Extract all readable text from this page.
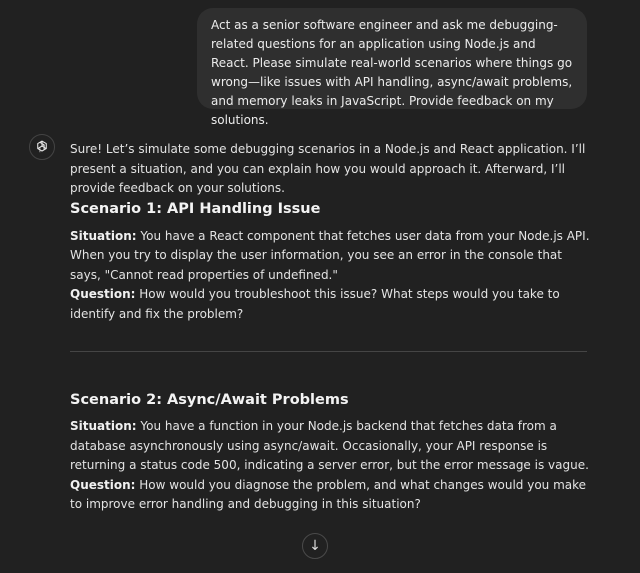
Act as a senior software engineer and ask me debugging-related questions for an application using Node.js and React. Please simulate real-world scenarios where things go wrong—like issues with API handling, async/await problems, and memory leaks in JavaScript. Provide feedback on my solutions.

Sure! Let’s simulate some debugging scenarios in a Node.js and React application. I’ll present a situation, and you can explain how you would approach it. Afterward, I’ll provide feedback on your solutions.

Scenario 1: API Handling Issue

Situation: You have a React component that fetches user data from your Node.js API. When you try to display the user information, you see an error in the console that says, "Cannot read properties of undefined."

Question: How would you troubleshoot this issue? What steps would you take to identify and fix the problem?

Scenario 2: Async/Await Problems

Situation: You have a function in your Node.js backend that fetches data from a database asynchronously using async/await. Occasionally, your API response is returning a status code 500, indicating a server error, but the error message is vague.

Question: How would you diagnose the problem, and what changes would you make to improve error handling and debugging in this situation?

↓
